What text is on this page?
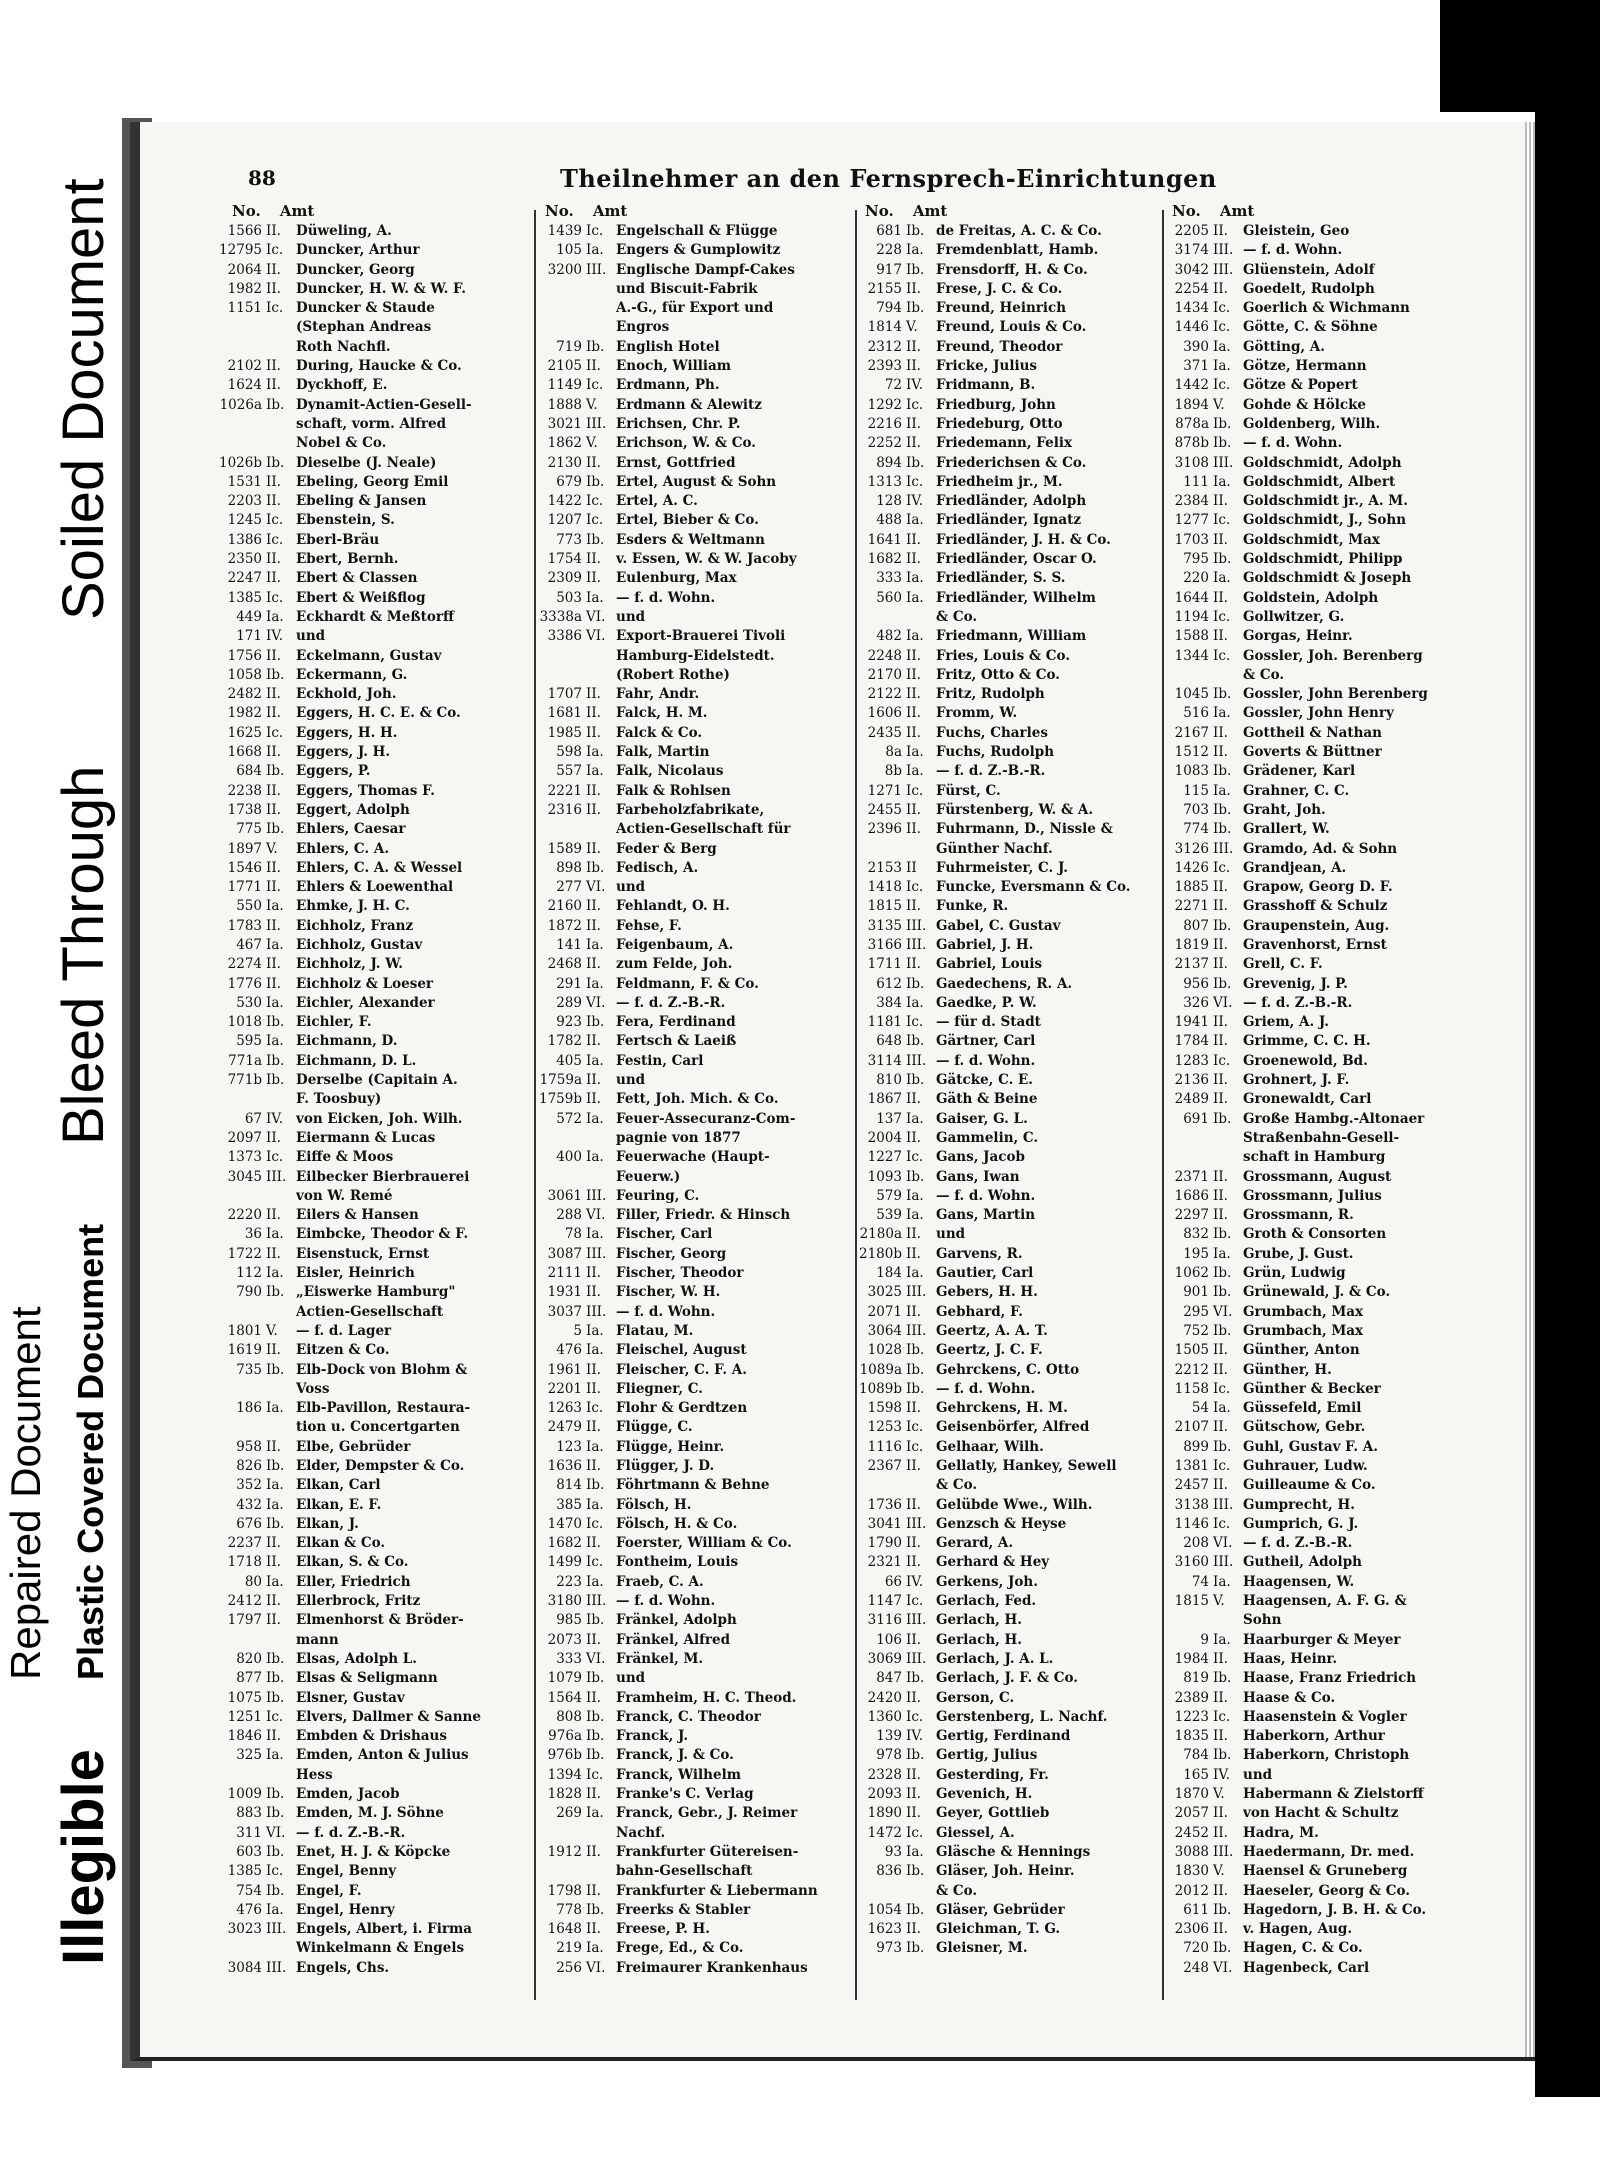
Illegible
Repaired Document Plastic Covered Document
Bleed Through
Soiled Document
88	Theilnehmer an den Fernsprech-Einrichtungen
No. Amt	No. Amt	No. Amt	No. Amt
1566 II.	Düweling, A.
12795 Ic. Duncker, Arthur
2064 II.	Duncker, Georg
1982 II.	Duncker, H. W. & W. F.
1151 Ic. Duncker & Staude
(Stephan Andreas
Roth Nachfl.
2102 II.	During, Haucke & Co.
1624 II.	Dyckhoff, E.
1026a Ib. Dynamit-Actien-Gesell-
schaft, vorm. Alfred
Nobel & Co.
1026b Ib. Dieselbe (J. Neale)
1531 II.	Ebeling, Georg Emil
2203 II.	Ebeling & Jansen
1245 Ic. Ebenstein, S.
1386 Ic. Eberl-Bräu
2350 II.	Ebert, Bernh.
2247 II.	Ebert & Classen
1385 Ic. Ebert & Weißflog
449 Ia. Eckhardt & Meßtorff
171 IV. und
1756 II.	Eckelmann, Gustav
1058 Ib. Eckermann, G.
2482 II.	Eckhold, Joh.
1982 II.	Eggers, H. C. E. & Co.
1625 Ic. Eggers, H. H.
1668 II.	Eggers, J. H.
684 Ib. Eggers, P.
2238 II.	Eggers, Thomas F.
1738 II.	Eggert, Adolph
775 Ib. Ehlers, Caesar
1897 V.	Ehlers, C. A.
1546 II.	Ehlers, C. A. & Wessel
1771 II.	Ehlers & Loewenthal
550 Ia. Ehmke, J. H. C.
1783 II.	Eichholz, Franz
467 Ia. Eichholz, Gustav
2274 II.	Eichholz, J. W.
1776 II.	Eichholz & Loeser
530 Ia. Eichler, Alexander
1018 Ib. Eichler, F.
595 Ia. Eichmann, D.
771a Ib. Eichmann, D. L.
771b Ib. Derselbe (Capitain A.
F. Toosbuy)
67 IV. von Eicken, Joh. Wilh.
2097 II.	Eiermann & Lucas
1373 Ic. Eiffe & Moos
3045 III. Eilbecker Bierbrauerei
von W. Remé
2220 II.	Eilers & Hansen
36 Ia. Eimbcke, Theodor & F.
1722 II.	Eisenstuck, Ernst
112 Ia. Eisler, Heinrich
790 Ib. „Eiswerke Hamburg"
Actien-Gesellschaft
1801 V.	— f. d. Lager
1619 II.	Eitzen & Co.
735 Ib. Elb-Dock von Blohm &
Voss
186 Ia. Elb-Pavillon, Restaura-
tion u. Concertgarten
958 II.	Elbe, Gebrüder
826 Ib. Elder, Dempster & Co.
352 Ia. Elkan, Carl
432 Ia. Elkan, E. F.
676 Ib. Elkan, J.
2237 II.	Elkan & Co.
1718 II.	Elkan, S. & Co.
80 Ia. Eller, Friedrich
2412 II.	Ellerbrock, Fritz
1797 II.	Elmenhorst & Bröder-
mann
820 Ib. Elsas, Adolph L.
877 Ib. Elsas & Seligmann
1075 Ib. Elsner, Gustav
1251 Ic. Elvers, Dallmer & Sanne
1846 II.	Embden & Drishaus
325 Ia. Emden, Anton & Julius
Hess
1009 Ib. Emden, Jacob
883 Ib. Emden, M. J. Söhne
311 VI. — f. d. Z.-B.-R.
603 Ib. Enet, H. J. & Köpcke
1385 Ic. Engel, Benny
754 Ib. Engel, F.
476 Ia. Engel, Henry
3023 III. Engels, Albert, i. Firma
Winkelmann & Engels
3084 III. Engels, Chs.
1439 Ic. Engelschall & Flügge
105 Ia. Engers & Gumplowitz
3200 III. Englische Dampf-Cakes
und Biscuit-Fabrik
A.-G., für Export und
Engros
719 Ib. English Hotel
2105 II.	Enoch, William
1149 Ic. Erdmann, Ph.
1888 V.	Erdmann & Alewitz
3021 III. Erichsen, Chr. P.
1862 V.	Erichson, W. & Co.
2130 II.	Ernst, Gottfried
679 Ib. Ertel, August & Sohn
1422 Ic. Ertel, A. C.
1207 Ic. Ertel, Bieber & Co.
773 Ib. Esders & Weltmann
1754 II.	v. Essen, W. & W. Jacoby
2309 II.	Eulenburg, Max
503 Ia. — f. d. Wohn.
3338a VI. und
3386 VI. Export-Brauerei Tivoli
Hamburg-Eidelstedt.
(Robert Rothe)
1707 II.	Fahr, Andr.
1681 II.	Falck, H. M.
1985 II.	Falck & Co.
598 Ia. Falk, Martin
557 Ia. Falk, Nicolaus
2221 II.	Falk & Rohlsen
2316 II.	Farbeholzfabrikate,
Actien-Gesellschaft für
1589 II.	Feder & Berg
898 Ib. Fedisch, A.
277 VI. und
2160 II.	Fehlandt, O. H.
1872 II.	Fehse, F.
141 Ia. Feigenbaum, A.
2468 II.	zum Felde, Joh.
291 Ia. Feldmann, F. & Co.
289 VI. — f. d. Z.-B.-R.
923 Ib. Fera, Ferdinand
1782 II.	Fertsch & Laeiß
405 Ia. Festin, Carl
1759a II.	und
1759b II.	Fett, Joh. Mich. & Co.
572 Ia. Feuer-Assecuranz-Com-
pagnie von 1877
400 Ia. Feuerwache (Haupt-
Feuerw.)
3061 III. Feuring, C.
288 VI. Filler, Friedr. & Hinsch
78 Ia. Fischer, Carl
3087 III. Fischer, Georg
2111 II.	Fischer, Theodor
1931 II.	Fischer, W. H.
3037 III. — f. d. Wohn.
5 Ia. Flatau, M.
476 Ia. Fleischel, August
1961 II.	Fleischer, C. F. A.
2201 II.	Fliegner, C.
1263 Ic. Flohr & Gerdtzen
2479 II.	Flügge, C.
123 Ia. Flügge, Heinr.
1636 II.	Flügger, J. D.
814 Ib. Föhrtmann & Behne
385 Ia. Fölsch, H.
1470 Ic. Fölsch, H. & Co.
1682 II.	Foerster, William & Co.
1499 Ic. Fontheim, Louis
223 Ia. Fraeb, C. A.
3180 III. — f. d. Wohn.
985 Ib. Fränkel, Adolph
2073 II.	Fränkel, Alfred
333 VI. Fränkel, M.
1079 Ib. und
1564 II.	Framheim, H. C. Theod.
808 Ib. Franck, C. Theodor
976a Ib. Franck, J.
976b Ib. Franck, J. & Co.
1394 Ic. Franck, Wilhelm
1828 II.	Franke's C. Verlag
269 Ia. Franck, Gebr., J. Reimer
Nachf.
1912 II.	Frankfurter Gütereisen-
bahn-Gesellschaft
1798 II.	Frankfurter & Liebermann
778 Ib. Freerks & Stabler
1648 II.	Freese, P. H.
219 Ia. Frege, Ed., & Co.
256 VI. Freimaurer Krankenhaus
681 Ib. de Freitas, A. C. & Co.
228 Ia. Fremdenblatt, Hamb.
917 Ib. Frensdorff, H. & Co.
2155 II.	Frese, J. C. & Co.
794 Ib. Freund, Heinrich
1814 V.	Freund, Louis & Co.
2312 II.	Freund, Theodor
2393 II.	Fricke, Julius
72 IV. Fridmann, B.
1292 Ic. Friedburg, John
2216 II.	Friedeburg, Otto
2252 II.	Friedemann, Felix
894 Ib. Friederichsen & Co.
1313 Ic. Friedheim jr., M.
128 IV. Friedländer, Adolph
488 Ia. Friedländer, Ignatz
1641 II.	Friedländer, J. H. & Co.
1682 II.	Friedländer, Oscar O.
333 Ia. Friedländer, S. S.
560 Ia. Friedländer, Wilhelm
& Co.
482 Ia. Friedmann, William
2248 II.	Fries, Louis & Co.
2170 II.	Fritz, Otto & Co.
2122 II.	Fritz, Rudolph
1606 II.	Fromm, W.
2435 II.	Fuchs, Charles
8a Ia. Fuchs, Rudolph
8b Ia. — f. d. Z.-B.-R.
1271 Ic. Fürst, C.
2455 II.	Fürstenberg, W. & A.
2396 II.	Fuhrmann, D., Nissle &
Günther Nachf.
2153 II	Fuhrmeister, C. J.
1418 Ic. Funcke, Eversmann & Co.
1815 II.	Funke, R.
3135 III. Gabel, C. Gustav
3166 III. Gabriel, J. H.
1711 II.	Gabriel, Louis
612 Ib. Gaedechens, R. A.
384 Ia. Gaedke, P. W.
1181 Ic. — für d. Stadt
648 Ib. Gärtner, Carl
3114 III. — f. d. Wohn.
810 Ib. Gätcke, C. E.
1867 II.	Gäth & Beine
137 Ia. Gaiser, G. L.
2004 II.	Gammelin, C.
1227 Ic. Gans, Jacob
1093 Ib. Gans, Iwan
579 Ia. — f. d. Wohn.
539 Ia. Gans, Martin
2180a II.	und
2180b II.	Garvens, R.
184 Ia. Gautier, Carl
3025 III. Gebers, H. H.
2071 II.	Gebhard, F.
3064 III. Geertz, A. A. T.
1028 Ib. Geertz, J. C. F.
1089a Ib. Gehrckens, C. Otto
1089b Ib. — f. d. Wohn.
1598 II.	Gehrckens, H. M.
1253 Ic. Geisenbörfer, Alfred
1116 Ic. Gelhaar, Wilh.
2367 II.	Gellatly, Hankey, Sewell
& Co.
1736 II.	Gelübde Wwe., Wilh.
3041 III. Genzsch & Heyse
1790 II.	Gerard, A.
2321 II.	Gerhard & Hey
66 IV. Gerkens, Joh.
1147 Ic. Gerlach, Fed.
3116 III. Gerlach, H.
106 II.	Gerlach, H.
3069 III. Gerlach, J. A. L.
847 Ib. Gerlach, J. F. & Co.
2420 II.	Gerson, C.
1360 Ic. Gerstenberg, L. Nachf.
139 IV. Gertig, Ferdinand
978 Ib. Gertig, Julius
2328 II.	Gesterding, Fr.
2093 II.	Gevenich, H.
1890 II.	Geyer, Gottlieb
1472 Ic. Giessel, A.
93 Ia. Gläsche & Hennings
836 Ib. Gläser, Joh. Heinr.
& Co.
1054 Ib. Gläser, Gebrüder
1623 II.	Gleichman, T. G.
973 Ib. Gleisner, M.
2205 II.	Gleistein, Geo
3174 III. — f. d. Wohn.
3042 III. Glüenstein, Adolf
2254 II.	Goedelt, Rudolph
1434 Ic. Goerlich & Wichmann
1446 Ic. Götte, C. & Söhne
390 Ia. Götting, A.
371 Ia. Götze, Hermann
1442 Ic. Götze & Popert
1894 V.	Gohde & Hölcke
878a Ib. Goldenberg, Wilh.
878b Ib. — f. d. Wohn.
3108 III. Goldschmidt, Adolph
111 Ia. Goldschmidt, Albert
2384 II.	Goldschmidt jr., A. M.
1277 Ic. Goldschmidt, J., Sohn
1703 II.	Goldschmidt, Max
795 Ib. Goldschmidt, Philipp
220 Ia. Goldschmidt & Joseph
1644 II.	Goldstein, Adolph
1194 Ic. Gollwitzer, G.
1588 II.	Gorgas, Heinr.
1344 Ic. Gossler, Joh. Berenberg
& Co.
1045 Ib. Gossler, John Berenberg
516 Ia. Gossler, John Henry
2167 II.	Gottheil & Nathan
1512 II.	Goverts & Büttner
1083 Ib. Grädener, Karl
115 Ia. Grahner, C. C.
703 Ib. Graht, Joh.
774 Ib. Grallert, W.
3126 III. Gramdo, Ad. & Sohn
1426 Ic. Grandjean, A.
1885 II.	Grapow, Georg D. F.
2271 II.	Grasshoff & Schulz
807 Ib. Graupenstein, Aug.
1819 II.	Gravenhorst, Ernst
2137 II.	Grell, C. F.
956 Ib. Grevenig, J. P.
326 VI. — f. d. Z.-B.-R.
1941 II.	Griem, A. J.
1784 II.	Grimme, C. C. H.
1283 Ic. Groenewold, Bd.
2136 II.	Grohnert, J. F.
2489 II.	Gronewaldt, Carl
691 Ib. Große Hambg.-Altonaer
Straßenbahn-Gesell-
schaft in Hamburg
2371 II.	Grossmann, August
1686 II.	Grossmann, Julius
2297 II.	Grossmann, R.
832 Ib. Groth & Consorten
195 Ia. Grube, J. Gust.
1062 Ib. Grün, Ludwig
901 Ib. Grünewald, J. & Co.
295 VI. Grumbach, Max
752 Ib. Grumbach, Max
1505 II.	Günther, Anton
2212 II.	Günther, H.
1158 Ic. Günther & Becker
54 Ia. Güssefeld, Emil
2107 II.	Gütschow, Gebr.
899 Ib. Guhl, Gustav F. A.
1381 Ic. Guhrauer, Ludw.
2457 II.	Guilleaume & Co.
3138 III. Gumprecht, H.
1146 Ic. Gumprich, G. J.
208 VI. — f. d. Z.-B.-R.
3160 III. Gutheil, Adolph
74 Ia. Haagensen, W.
1815 V.	Haagensen, A. F. G. &
Sohn
9 Ia. Haarburger & Meyer
1984 II.	Haas, Heinr.
819 Ib. Haase, Franz Friedrich
2389 II.	Haase & Co.
1223 Ic. Haasenstein & Vogler
1835 II.	Haberkorn, Arthur
784 Ib. Haberkorn, Christoph
165 IV. und
1870 V.	Habermann & Zielstorff
2057 II.	von Hacht & Schultz
2452 II.	Hadra, M.
3088 III. Haedermann, Dr. med.
1830 V.	Haensel & Gruneberg
2012 II.	Haeseler, Georg & Co.
611 Ib. Hagedorn, J. B. H. & Co.
2306 II.	v. Hagen, Aug.
720 Ib. Hagen, C. & Co.
248 VI. Hagenbeck, Carl
